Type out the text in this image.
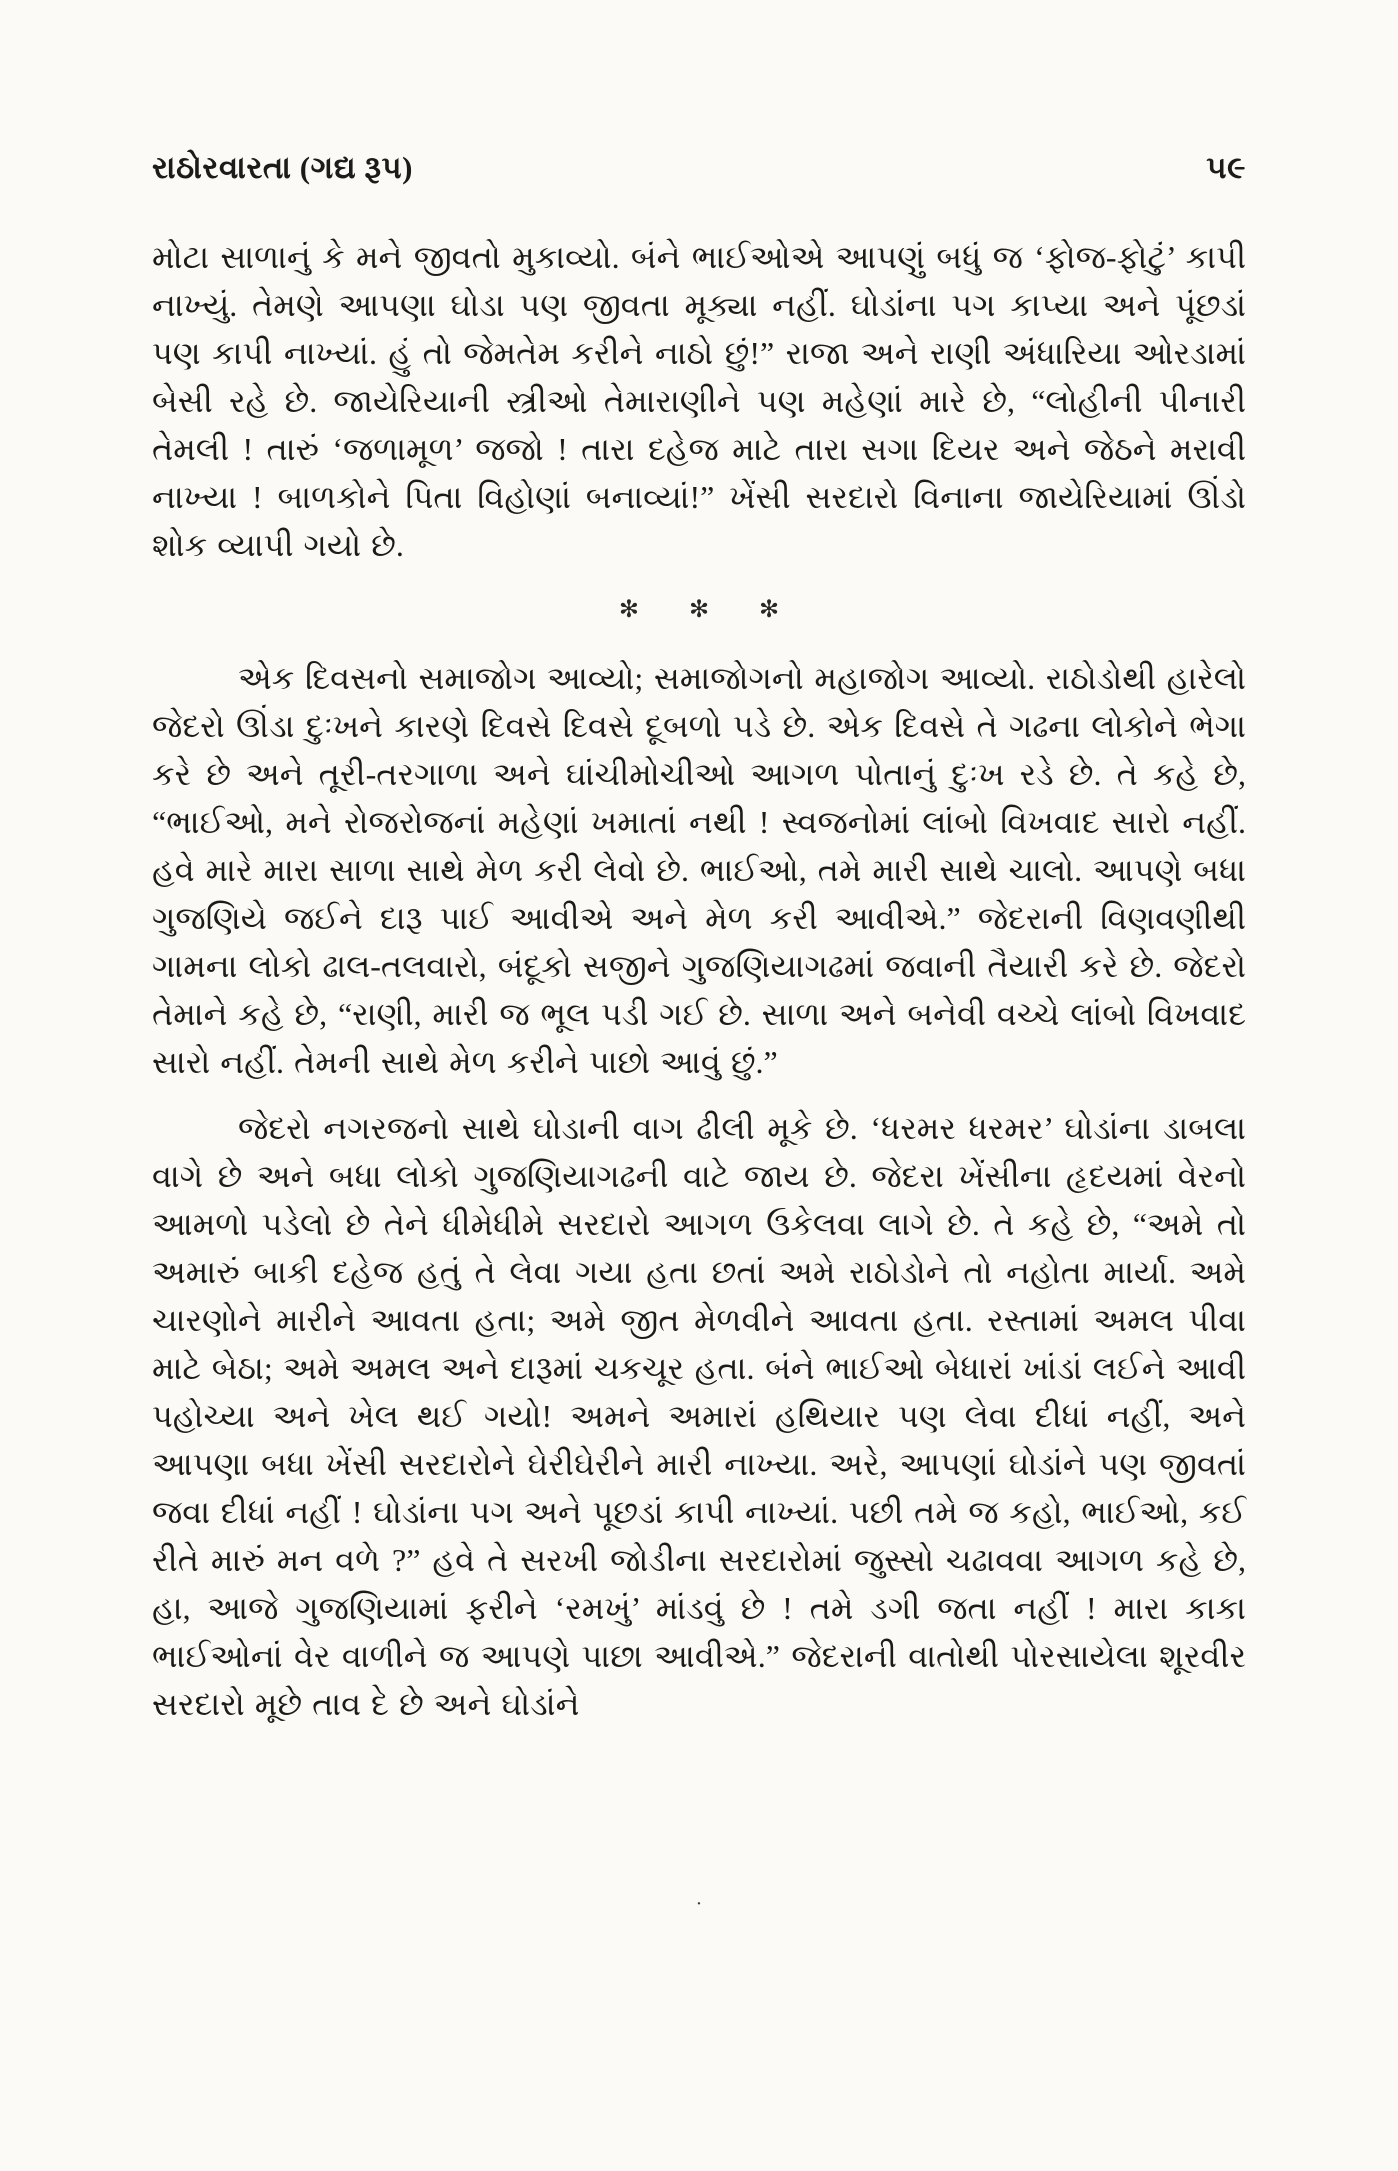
રાઠોરવારતા (ગદ્ય રૂપ)	૫૯

મોટા સાળાનું કે મને જીવતો મુકાવ્યો. બંને ભાઈઓએ આપણું બધું જ ‘ફોજ-ફોટું’ કાપી નાખ્યું. તેમણે આપણા ઘોડા પણ જીવતા મૂક્યા નહીં. ઘોડાંના પગ કાપ્યા અને પૂંછડાં પણ કાપી નાખ્યાં. હું તો જેમતેમ કરીને નાઠો છું!” રાજા અને રાણી અંધારિયા ઓરડામાં બેસી રહે છે. જાયેરિયાની સ્ત્રીઓ તેમારાણીને પણ મહેણાં મારે છે, “લોહીની પીનારી તેમલી ! તારું ‘જળામૂળ’ જજો ! તારા દહેજ માટે તારા સગા દિયર અને જેઠને મરાવી નાખ્યા ! બાળકોને પિતા વિહોણાં બનાવ્યાં!” ખેંસી સરદારો વિનાના જાયેરિયામાં ઊંડો શોક વ્યાપી ગયો છે.

✻ ✻ ✻

એક દિવસનો સમાજોગ આવ્યો; સમાજોગનો મહાજોગ આવ્યો. રાઠોડોથી હારેલો જેદરો ઊંડા દુઃખને કારણે દિવસે દિવસે દૂબળો પડે છે. એક દિવસે તે ગઢના લોકોને ભેગા કરે છે અને તૂરી-તરગાળા અને ઘાંચીમોચીઓ આગળ પોતાનું દુઃખ રડે છે. તે કહે છે, “ભાઈઓ, મને રોજરોજનાં મહેણાં ખમાતાં નથી ! સ્વજનોમાં લાંબો વિખવાદ સારો નહીં. હવે મારે મારા સાળા સાથે મેળ કરી લેવો છે. ભાઈઓ, તમે મારી સાથે ચાલો. આપણે બધા ગુજણિયે જઈને દારૂ પાઈ આવીએ અને મેળ કરી આવીએ.” જેદરાની વિણવણીથી ગામના લોકો ઢાલ-તલવારો, બંદૂકો સજીને ગુજણિયાગઢમાં જવાની તૈયારી કરે છે. જેદરો તેમાને કહે છે, “રાણી, મારી જ ભૂલ પડી ગઈ છે. સાળા અને બનેવી વચ્ચે લાંબો વિખવાદ સારો નહીં. તેમની સાથે મેળ કરીને પાછો આવું છું.”

જેદરો નગરજનો સાથે ઘોડાની વાગ ઢીલી મૂકે છે. ‘ધરમર ધરમર’ ઘોડાંના ડાબલા વાગે છે અને બધા લોકો ગુજણિયાગઢની વાટે જાય છે. જેદરા ખેંસીના હૃદયમાં વેરનો આમળો પડેલો છે તેને ધીમેધીમે સરદારો આગળ ઉકેલવા લાગે છે. તે કહે છે, “અમે તો અમારું બાકી દહેજ હતું તે લેવા ગયા હતા છતાં અમે રાઠોડોને તો નહોતા માર્યા. અમે ચારણોને મારીને આવતા હતા; અમે જીત મેળવીને આવતા હતા. રસ્તામાં અમલ પીવા માટે બેઠા; અમે અમલ અને દારૂમાં ચકચૂર હતા. બંને ભાઈઓ બેધારાં ખાંડાં લઈને આવી પહોચ્યા અને ખેલ થઈ ગયો! અમને અમારાં હથિયાર પણ લેવા દીધાં નહીં, અને આપણા બધા ખેંસી સરદારોને ઘેરીઘેરીને મારી નાખ્યા. અરે, આપણાં ઘોડાંને પણ જીવતાં જવા દીધાં નહીં ! ઘોડાંના પગ અને પૂછડાં કાપી નાખ્યાં. પછી તમે જ કહો, ભાઈઓ, કઈ રીતે મારું મન વળે ?” હવે તે સરખી જોડીના સરદારોમાં જુસ્સો ચઢાવવા આગળ કહે છે, હા, આજે ગુજણિયામાં ફરીને ‘રમખું’ માંડવું છે ! તમે ડગી જતા નહીં ! મારા કાકા ભાઈઓનાં વેર વાળીને જ આપણે પાછા આવીએ.” જેદરાની વાતોથી પોરસાયેલા શૂરવીર સરદારો મૂછે તાવ દે છે અને ઘોડાંને

·
